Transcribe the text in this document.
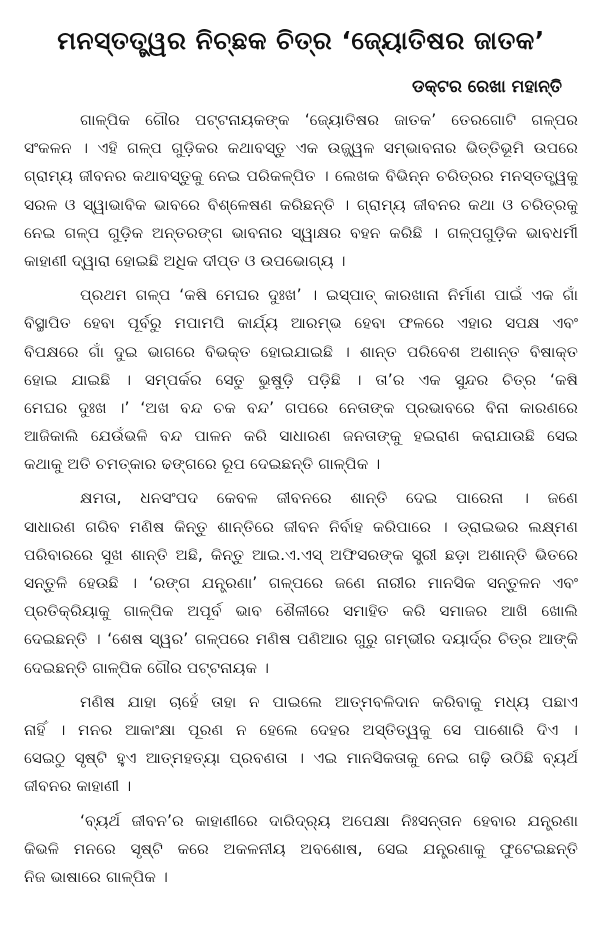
ମନସ୍ତତ୍ତ୍ୱର ନିଚ୍ଛକ ଚିତ୍ର ‘ଜ୍ୟୋତିଷର ଜାତକ’
ଡକ୍ଟର ରେଖା ମହାନ୍ତି
ଗାଳ୍ପିକ ଗୌର ପଟ୍ଟନାୟକଙ୍କ ‘ଜ୍ୟୋତିଷର ଜାତକ’ ତେରଗୋଟି ଗଳ୍ପର
ସଂକଳନ । ଏହି ଗଳ୍ପ ଗୁଡ଼ିକର କଥାବସ୍ତୁ ଏକ ଉଜ୍ଜ୍ୱଳ ସମ୍ଭାବନାର ଭିତ୍ତିଭୂମି ଉପରେ
ଗ୍ରାମ୍ୟ ଜୀବନର କଥାବସ୍ତୁକୁ ନେଇ ପରିକଳ୍ପିତ । ଲେଖକ ବିଭିନ୍ନ ଚରିତ୍ରର ମନସ୍ତତ୍ତ୍ୱକୁ
ସରଳ ଓ ସ୍ୱାଭାବିକ ଭାବରେ ବିଶ୍ଳେଷଣ କରିଛନ୍ତି । ଗ୍ରାମ୍ୟ ଜୀବନର କଥା ଓ ଚରିତ୍ରକୁ
ନେଇ ଗଳ୍ପ ଗୁଡ଼ିକ ଅନ୍ତରଙ୍ଗ ଭାବନାର ସ୍ୱାକ୍ଷର ବହନ କରିଛି । ଗଳ୍ପଗୁଡ଼ିକ ଭାବଧର୍ମୀ
କାହାଣୀ ଦ୍ୱାରା ହୋଇଛି ଅଧିକ ଦୀପ୍ତ ଓ ଉପଭୋଗ୍ୟ ।
ପ୍ରଥମ ଗଳ୍ପ ‘କଷି ମେଘର ଦୁଃଖ’ । ଇସ୍ପାତ୍ କାରଖାନା ନିର୍ମାଣ ପାଇଁ ଏକ ଗାଁ
ବିସ୍ଥାପିତ ହେବା ପୂର୍ବରୁ ମପାମପି କାର୍ଯ୍ୟ ଆରମ୍ଭ ହେବା ଫଳରେ ଏହାର ସପକ୍ଷ ଏବଂ
ବିପକ୍ଷରେ ଗାଁ ଦୁଇ ଭାଗରେ ବିଭକ୍ତ ହୋଇଯାଇଛି । ଶାନ୍ତ ପରିବେଶ ଅଶାନ୍ତ ବିଷାକ୍ତ
ହୋଇ ଯାଇଛି । ସମ୍ପର୍କର ସେତୁ ଭୁଷୁଡ଼ି ପଡ଼ିଛି । ତା’ର ଏକ ସୁନ୍ଦର ଚିତ୍ର ‘କଷି
ମେଘର ଦୁଃଖ ।’ ‘ଅଖ ବନ୍ଦ ଚକ ବନ୍ଦ’ ଗପରେ ନେତାଙ୍କ ପ୍ରଭାବରେ ବିନା କାରଣରେ
ଆଜିକାଲି ଯେଉଁଭଳି ବନ୍ଦ ପାଳନ କରି ସାଧାରଣ ଜନତାଙ୍କୁ ହଇରାଣ କରାଯାଉଛି ସେଇ
କଥାକୁ ଅତି ଚମତ୍କାର ଢଙ୍ଗରେ ରୂପ ଦେଇଛନ୍ତି ଗାଳ୍ପିକ ।
କ୍ଷମତା, ଧନସଂପଦ କେବଳ ଜୀବନରେ ଶାନ୍ତି ଦେଇ ପାରେନା । ଜଣେ
ସାଧାରଣ ଗରିବ ମଣିଷ କିନ୍ତୁ ଶାନ୍ତିରେ ଜୀବନ ନିର୍ବାହ କରିପାରେ । ଡ୍ରାଇଭର ଲକ୍ଷ୍ମଣ
ପରିବାରରେ ସୁଖ ଶାନ୍ତି ଅଛି, କିନ୍ତୁ ଆଇ.ଏ.ଏସ୍ ଅଫିସରଙ୍କ ସ୍ତ୍ରୀ ଛଡ଼ା ଅଶାନ୍ତି ଭିତରେ
ସନ୍ତୁଳି ହେଉଛି । ‘ରଙ୍ଗ ଯନ୍ତ୍ରଣା’ ଗଳ୍ପରେ ଜଣେ ନାରୀର ମାନସିକ ସନ୍ତୁଳନ ଏବଂ
ପ୍ରତିକ୍ରିୟାକୁ ଗାଳ୍ପିକ ଅପୂର୍ବ ଭାବ ଶୈଳୀରେ ସମାହିତ କରି ସମାଜର ଆଖି ଖୋଲି
ଦେଇଛନ୍ତି । ‘ଶେଷ ସ୍ୱର’ ଗଳ୍ପରେ ମଣିଷ ପଣିଆର ଗୁରୁ ଗମ୍ଭୀର ଦୟାର୍ଦ୍ର ଚିତ୍ର ଆଙ୍କି
ଦେଇଛନ୍ତି ଗାଳ୍ପିକ ଗୌର ପଟ୍ଟନାୟକ ।
ମଣିଷ ଯାହା ଚାହେଁ ତାହା ନ ପାଇଲେ ଆତ୍ମବଳିଦାନ କରିବାକୁ ମଧ୍ୟ ପଛାଏ
ନାହିଁ । ମନର ଆକାଂକ୍ଷା ପୂରଣ ନ ହେଲେ ଦେହର ଅସ୍ତିତ୍ୱକୁ ସେ ପାଶୋରି ଦିଏ ।
ସେଇଠୁ ସୃଷ୍ଟି ହୁଏ ଆତ୍ମହତ୍ୟା ପ୍ରବଣତା । ଏଇ ମାନସିକତାକୁ ନେଇ ଗଢ଼ି ଉଠିଛି ବ୍ୟର୍ଥ
ଜୀବନର କାହାଣୀ ।
‘ବ୍ୟର୍ଥ ଜୀବନ’ର କାହାଣୀରେ ଦାରିଦ୍ର୍ୟ ଅପେକ୍ଷା ନିଃସନ୍ତାନ ହେବାର ଯନ୍ତ୍ରଣା
କିଭଳି ମନରେ ସୃଷ୍ଟି କରେ ଅକଳନୀୟ ଅବଶୋଷ, ସେଇ ଯନ୍ତ୍ରଣାକୁ ଫୁଟେଇଛନ୍ତି
ନିଜ ଭାଷାରେ ଗାଳ୍ପିକ ।
